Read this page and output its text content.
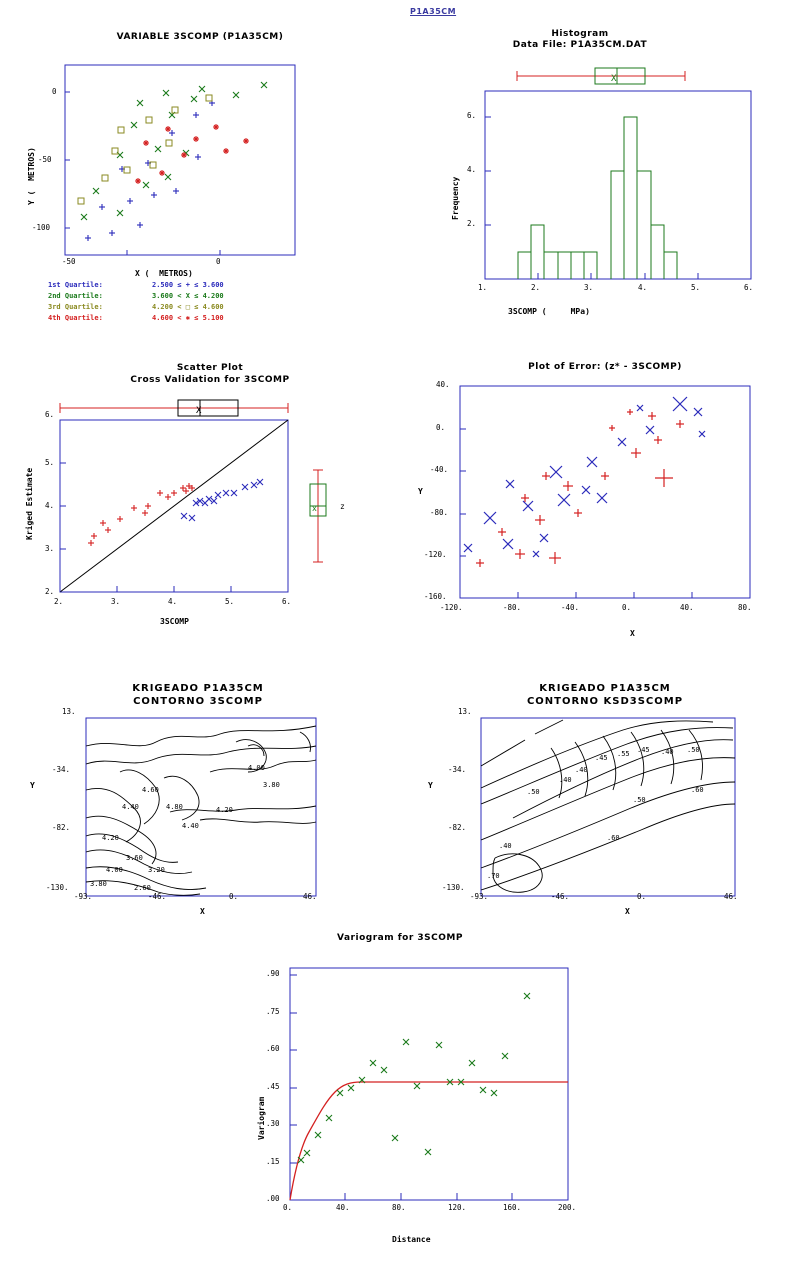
P1A35CM
VARIABLE 3SCOMP (P1A35CM)
-50	0
0
-50
-100
X (  METROS)
Y (  METROS)
1st Quartile:	2.500 ≤ + ≤ 3.600
2nd Quartile:	3.600 < X ≤ 4.200
3rd Quartile:	4.200 < □ ≤ 4.600
4th Quartile:	4.600 < ✱ ≤ 5.100
Histogram
Data File: P1A35CM.DAT
X
1.	2.	3.	4.	5.	6.
2.
4.
6.
3SCOMP (     MPa)
Frequency
Scatter Plot
Cross Validation for 3SCOMP
X
x	z
2.	3.	4.	5.	6.
2.
3.
4.
5.
6.
3SCOMP
Kriged Estimate
Plot of Error: (z* - 3SCOMP)
-120.	-80.	-40.	0.	40.	80.
-160.
-120.
-80.
-40.
0.
40.
X
Y
KRIGEADO P1A35CM
CONTORNO 3SCOMP
4.00
3.80
4.60
4.40	4.80	4.20
4.40
4.20
3.60
4.00	3.20
3.80	2.60
-93.	-46.	0.	46.
13.
-34.
-82.
-130.
X
Y
KRIGEADO P1A35CM
CONTORNO KSD3SCOMP
.40
.45 .55 .45 .40 .50
.40
.50
.50
.60
.40
.70
.60
-93.	-46.	0.	46.
13.
-34.
-82.
-130.
X
Y
Variogram for 3SCOMP
0.	40.	80.	120.	160.	200.
.00
.15
.30
.45
.60
.75
.90
Distance
Variogram
